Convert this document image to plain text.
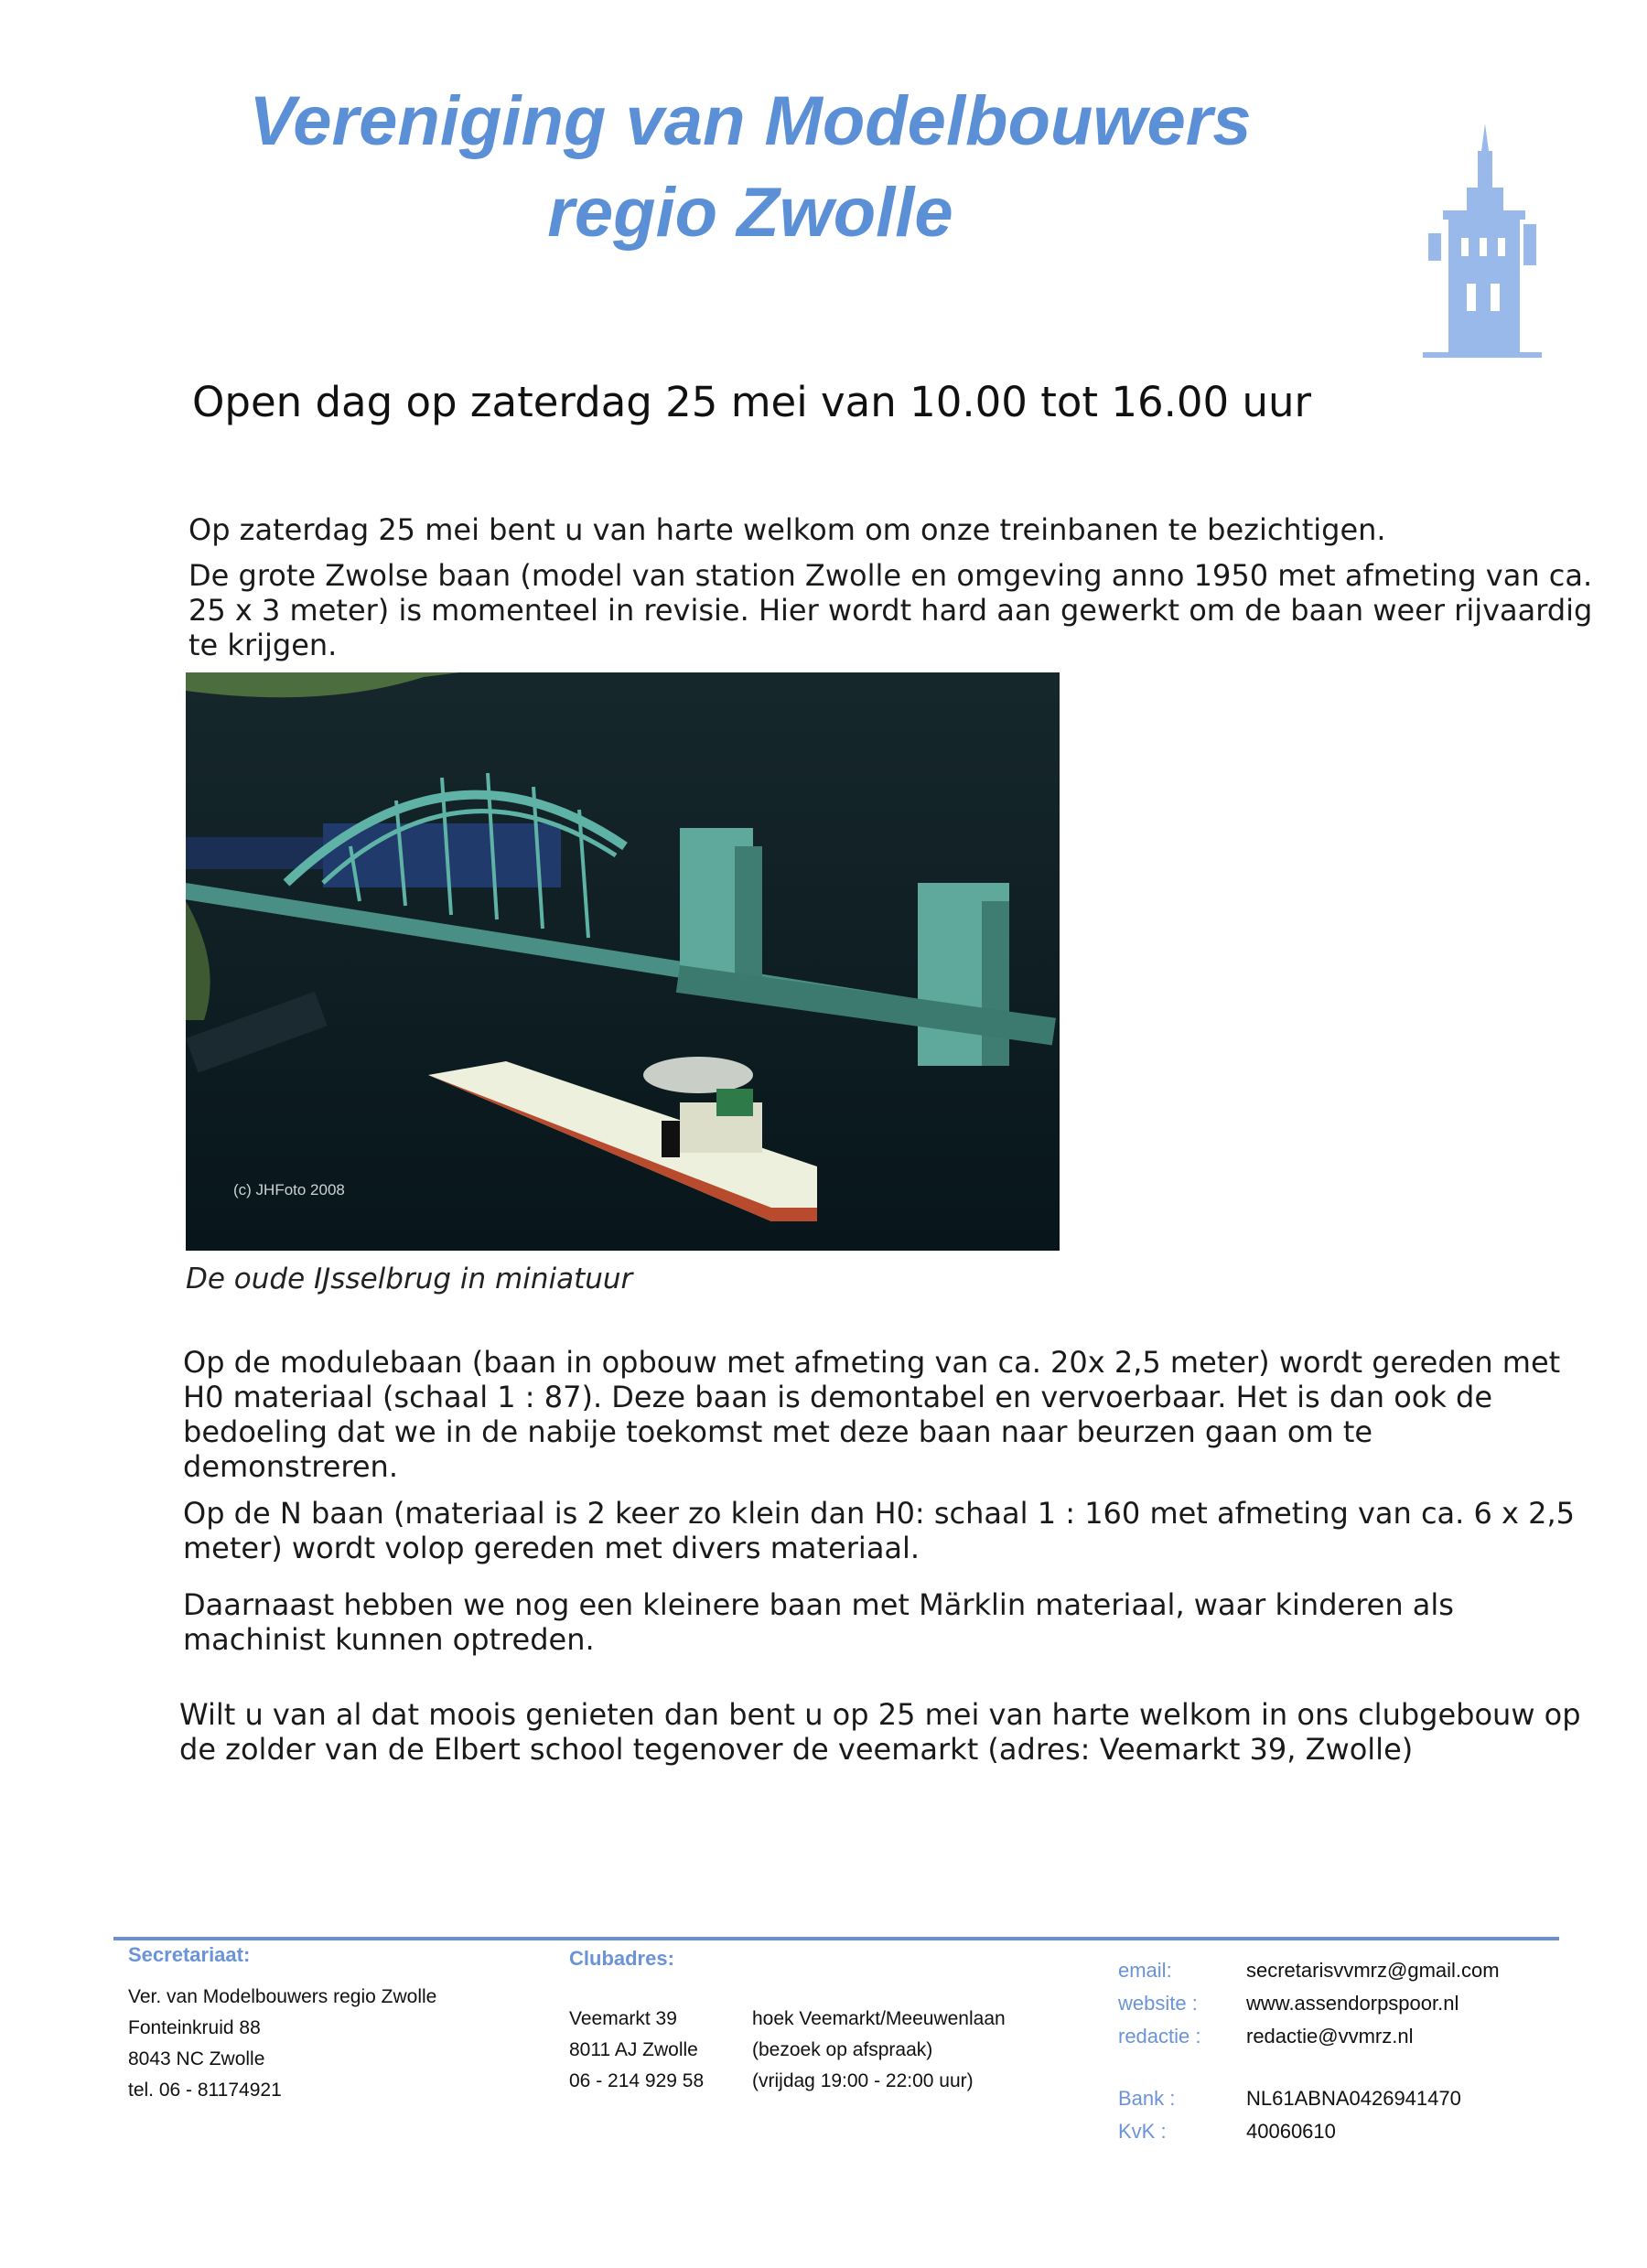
Vereniging van Modelbouwers
regio Zwolle
Open dag op zaterdag 25 mei van 10.00 tot 16.00 uur
Op zaterdag 25 mei bent u van harte welkom om onze treinbanen te bezichtigen.
De grote Zwolse baan (model van station Zwolle en omgeving anno 1950 met afmeting van ca. 25 x 3 meter) is momenteel in revisie. Hier wordt hard aan gewerkt om de baan weer rijvaardig te krijgen.
(c) JHFoto 2008
De oude IJsselbrug in miniatuur
Op de modulebaan (baan in opbouw met afmeting van ca. 20x 2,5 meter) wordt gereden met H0 materiaal (schaal 1 : 87). Deze baan is demontabel en vervoerbaar. Het is dan ook de bedoeling dat we in de nabije toekomst met deze baan naar beurzen gaan om te demonstreren.
Op de N baan (materiaal is 2 keer zo klein dan H0: schaal 1 : 160 met afmeting van ca. 6 x 2,5 meter) wordt volop gereden met divers materiaal.
Daarnaast hebben we nog een kleinere baan met Märklin materiaal, waar kinderen als machinist kunnen optreden.
Wilt u van al dat moois genieten dan bent u op 25 mei van harte welkom in ons clubgebouw op de zolder van de Elbert school tegenover de veemarkt (adres: Veemarkt 39, Zwolle)
Secretariaat:
Ver. van Modelbouwers regio Zwolle
Fonteinkruid 88
8043 NC Zwolle
tel. 06 - 81174921
Clubadres:
Veemarkt 39
8011 AJ Zwolle
06 - 214 929 58
hoek Veemarkt/Meeuwenlaan
(bezoek op afspraak)
(vrijdag 19:00 - 22:00 uur)
email:
website :
redactie :
secretarisvvmrz@gmail.com
www.assendorpspoor.nl
redactie@vvmrz.nl
Bank :
KvK :
NL61ABNA0426941470
40060610
